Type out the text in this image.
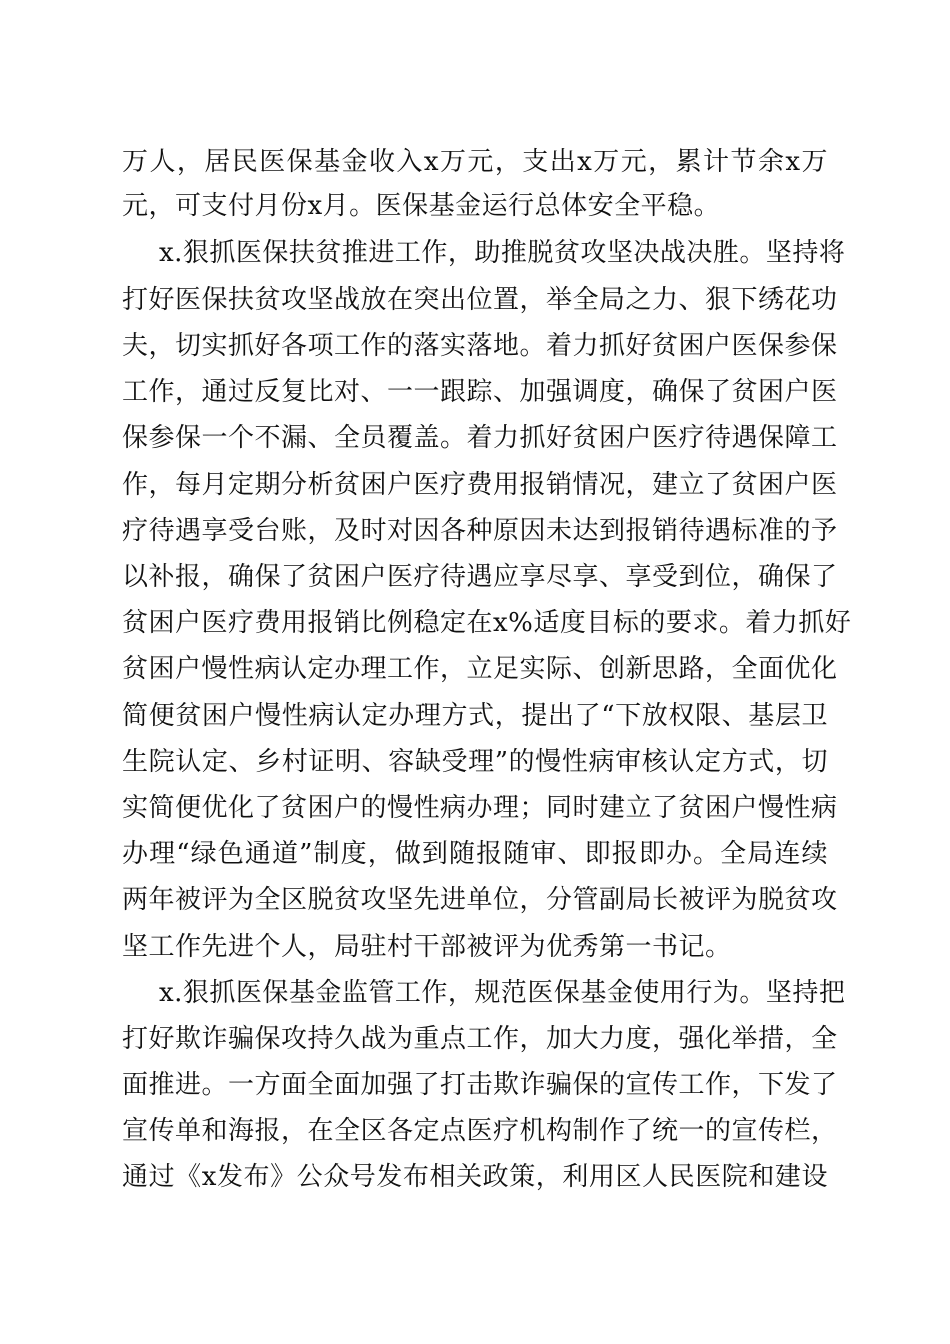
万人，居民医保基金收入x万元，支出x万元，累计节余x万
元，可支付月份x月。医保基金运行总体安全平稳。
x.狠抓医保扶贫推进工作，助推脱贫攻坚决战决胜。坚持将
打好医保扶贫攻坚战放在突出位置，举全局之力、狠下绣花功
夫，切实抓好各项工作的落实落地。着力抓好贫困户医保参保
工作，通过反复比对、一一跟踪、加强调度，确保了贫困户医
保参保一个不漏、全员覆盖。着力抓好贫困户医疗待遇保障工
作，每月定期分析贫困户医疗费用报销情况，建立了贫困户医
疗待遇享受台账，及时对因各种原因未达到报销待遇标准的予
以补报，确保了贫困户医疗待遇应享尽享、享受到位，确保了
贫困户医疗费用报销比例稳定在x%适度目标的要求。着力抓好
贫困户慢性病认定办理工作，立足实际、创新思路，全面优化
简便贫困户慢性病认定办理方式，提出了“下放权限、基层卫
生院认定、乡村证明、容缺受理”的慢性病审核认定方式，切
实简便优化了贫困户的慢性病办理；同时建立了贫困户慢性病
办理“绿色通道”制度，做到随报随审、即报即办。全局连续
两年被评为全区脱贫攻坚先进单位，分管副局长被评为脱贫攻
坚工作先进个人，局驻村干部被评为优秀第一书记。
x.狠抓医保基金监管工作，规范医保基金使用行为。坚持把
打好欺诈骗保攻持久战为重点工作，加大力度，强化举措，全
面推进。一方面全面加强了打击欺诈骗保的宣传工作，下发了
宣传单和海报，在全区各定点医疗机构制作了统一的宣传栏，
通过《x发布》公众号发布相关政策，利用区人民医院和建设
